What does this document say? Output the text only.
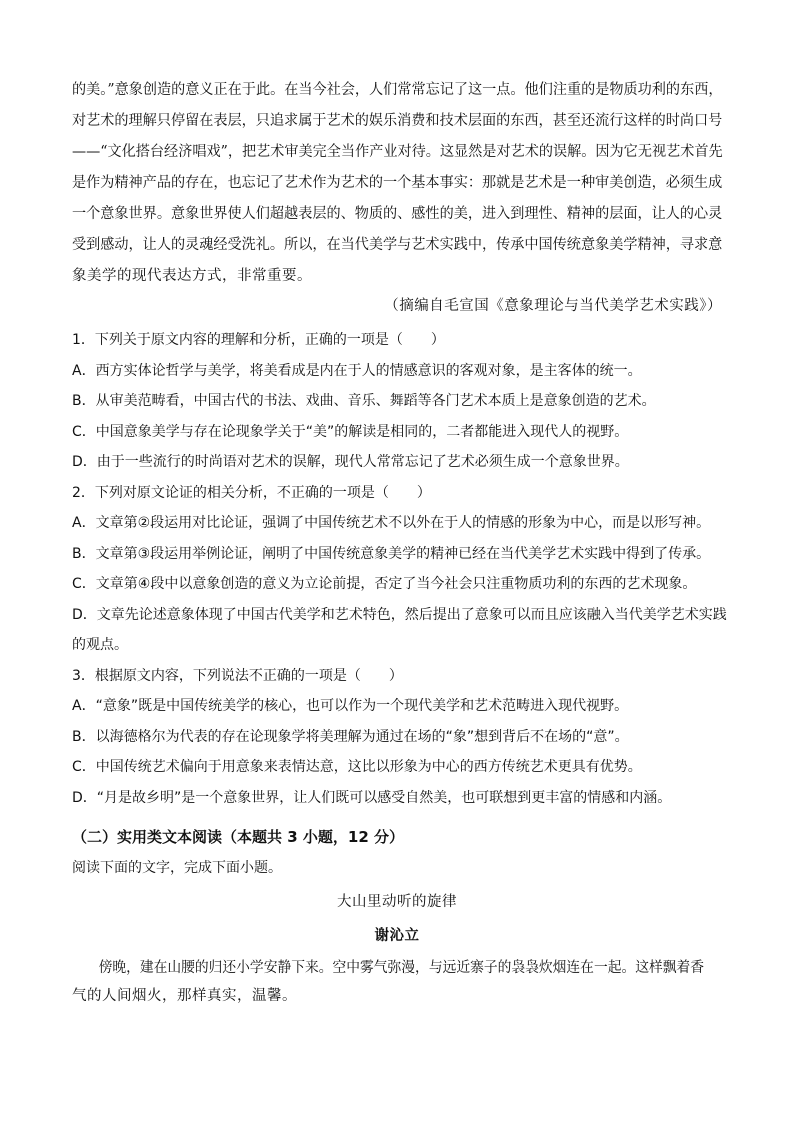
的美。”意象创造的意义正在于此。在当今社会，人们常常忘记了这一点。他们注重的是物质功利的东西，
对艺术的理解只停留在表层，只追求属于艺术的娱乐消费和技术层面的东西，甚至还流行这样的时尚口号
——“文化搭台经济唱戏”，把艺术审美完全当作产业对待。这显然是对艺术的误解。因为它无视艺术首先
是作为精神产品的存在，也忘记了艺术作为艺术的一个基本事实：那就是艺术是一种审美创造，必须生成
一个意象世界。意象世界使人们超越表层的、物质的、感性的美，进入到理性、精神的层面，让人的心灵
受到感动，让人的灵魂经受洗礼。所以，在当代美学与艺术实践中，传承中国传统意象美学精神，寻求意
象美学的现代表达方式，非常重要。
（摘编自毛宣国《意象理论与当代美学艺术实践》）
1．下列关于原文内容的理解和分析，正确的一项是（　　）
A．西方实体论哲学与美学，将美看成是内在于人的情感意识的客观对象，是主客体的统一。
B．从审美范畴看，中国古代的书法、戏曲、音乐、舞蹈等各门艺术本质上是意象创造的艺术。
C．中国意象美学与存在论现象学关于“美”的解读是相同的，二者都能进入现代人的视野。
D．由于一些流行的时尚语对艺术的误解，现代人常常忘记了艺术必须生成一个意象世界。
2．下列对原文论证的相关分析，不正确的一项是（　　）
A．文章第②段运用对比论证，强调了中国传统艺术不以外在于人的情感的形象为中心，而是以形写神。
B．文章第③段运用举例论证，阐明了中国传统意象美学的精神已经在当代美学艺术实践中得到了传承。
C．文章第④段中以意象创造的意义为立论前提，否定了当今社会只注重物质功利的东西的艺术现象。
D．文章先论述意象体现了中国古代美学和艺术特色，然后提出了意象可以而且应该融入当代美学艺术实践
的观点。
3．根据原文内容，下列说法不正确的一项是（　　）
A．“意象”既是中国传统美学的核心，也可以作为一个现代美学和艺术范畴进入现代视野。
B．以海德格尔为代表的存在论现象学将美理解为通过在场的“象”想到背后不在场的“意”。
C．中国传统艺术偏向于用意象来表情达意，这比以形象为中心的西方传统艺术更具有优势。
D．“月是故乡明”是一个意象世界，让人们既可以感受自然美，也可联想到更丰富的情感和内涵。
（二）实用类文本阅读（本题共 3 小题，12 分）
阅读下面的文字，完成下面小题。
大山里动听的旋律
谢沁立
傍晚，建在山腰的归还小学安静下来。空中雾气弥漫，与远近寨子的袅袅炊烟连在一起。这样飘着香
气的人间烟火，那样真实，温馨。
